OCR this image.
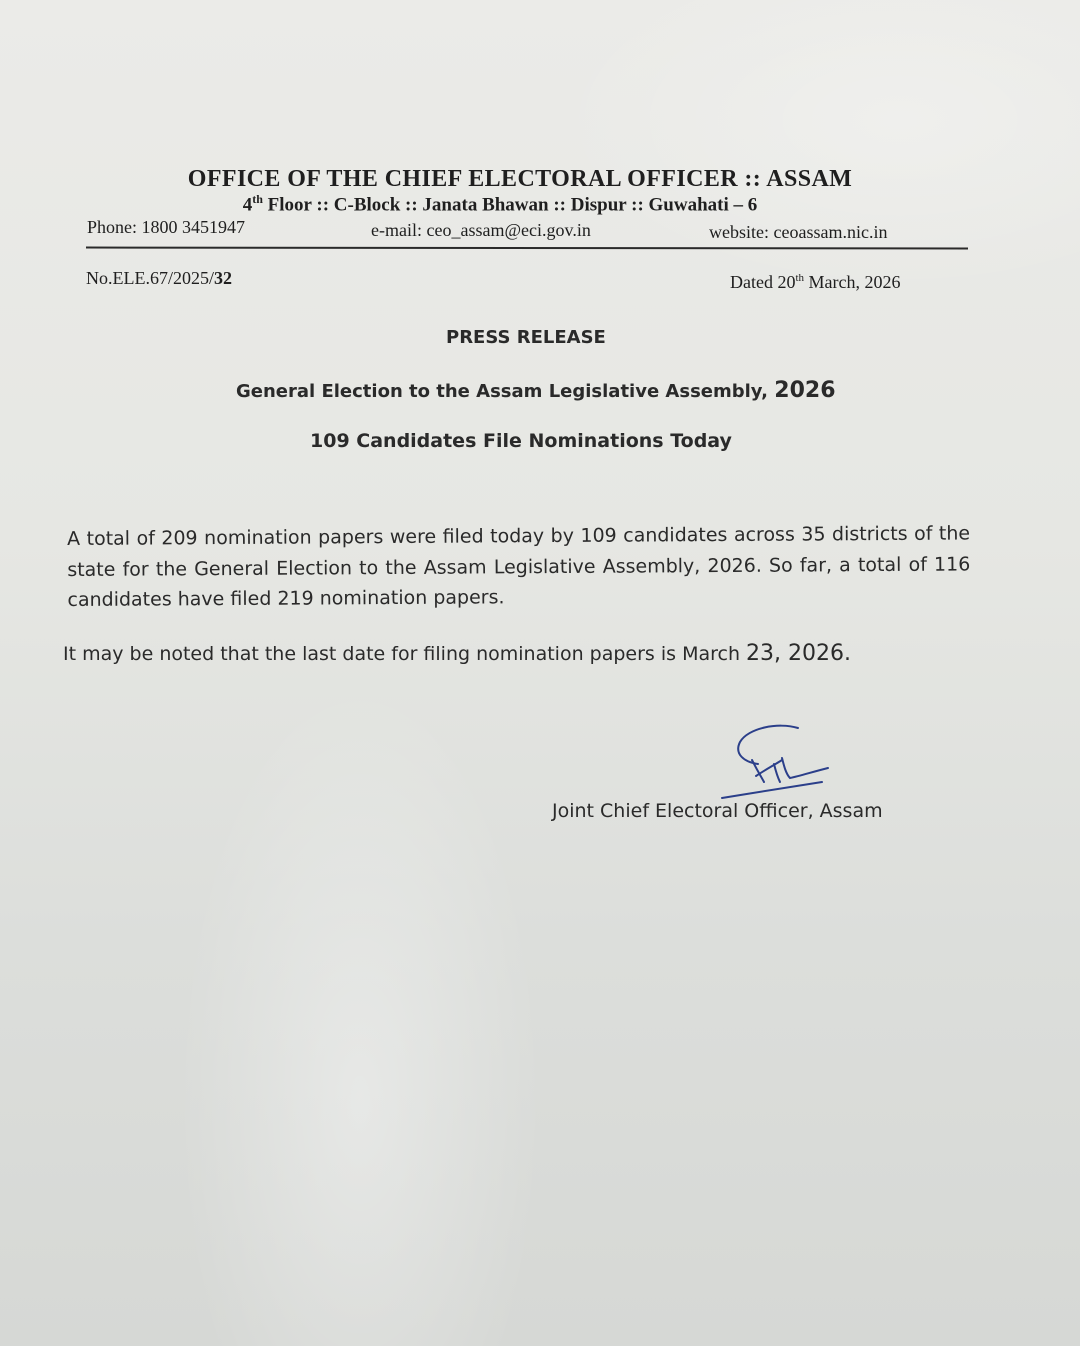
OFFICE OF THE CHIEF ELECTORAL OFFICER :: ASSAM
4th Floor :: C-Block :: Janata Bhawan :: Dispur :: Guwahati – 6
Phone: 1800 3451947	e-mail: ceo_assam@eci.gov.in	website: ceoassam.nic.in
No.ELE.67/2025/32	Dated 20th March, 2026
PRESS RELEASE
General Election to the Assam Legislative Assembly, 2026
109 Candidates File Nominations Today
A total of 209 nomination papers were filed today by 109 candidates across 35 districts of the state for the General Election to the Assam Legislative Assembly, 2026. So far, a total of 116 candidates have filed 219 nomination papers.
It may be noted that the last date for filing nomination papers is March 23, 2026.
Joint Chief Electoral Officer, Assam
